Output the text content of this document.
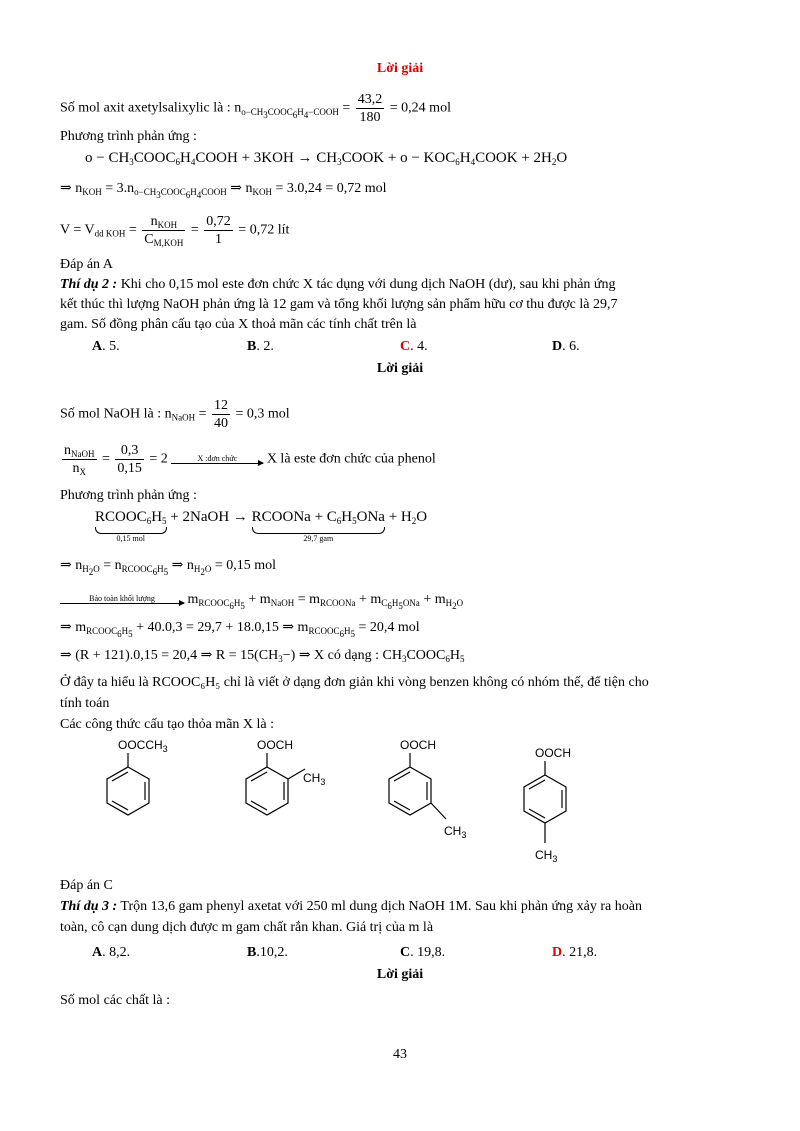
Lời giải
Số mol axit axetylsalixylic là : $n_{o-CH_3COOC_6H_4-COOH} = \frac{43,2}{180} = 0,24$ mol
Phương trình phản ứng :
$o - CH_3COOC_6H_4COOH + 3KOH$ → $CH_3COOK + o$ − $KOC_6H_4COOK + 2H_2O$
⇒ $n_{KOH} = 3.n_{o-CH_3COOC_6H_4COOH}$ ⇒ $n_{KOH} = 3.0,24 = 0,72$ mol
$V = V_{dd KOH} = \frac{n_{KOH}}{C_{M,KOH}} = \frac{0,72}{1} = 0,72$ lít
Đáp án A
Thí dụ 2 : Khi cho 0,15 mol este đơn chức X tác dụng với dung dịch NaOH (dư), sau khi phản ứng
kết thúc thì lượng NaOH phản ứng là 12 gam và tổng khối lượng sản phẩm hữu cơ thu được là 29,7
gam. Số đồng phân cấu tạo của X thoả mãn các tính chất trên là
A. 5.	B. 2.	C. 4.	D. 6.
Lời giải
Số mol NaOH là : $n_{NaOH} = \frac{12}{40} = 0,3$ mol
$\frac{n_{NaOH}}{n_X} = \frac{0,3}{0,15} = 2$	X :đơn chức	X là este đơn chức của phenol
Phương trình phản ứng :
$RCOOC_6H_5$
0,15 mol
+ 2NaOH → RCOONa + $C_6H_5ONa$
29,7 gam
+ $H_2O$
⇒ $n_{H_2O} = n_{RCOOC_6H_5}$ ⇒ $n_{H_2O} = 0,15$ mol
Bảo toàn khối lượng	$m_{RCOOC_6H_5} + m_{NaOH} = m_{RCOONa} + m_{C_6H_5ONa} + m_{H_2O}$
⇒ $m_{RCOOC_6H_5} + 40.0,3 = 29,7 + 18.0,15$ ⇒ $m_{RCOOC_6H_5} = 20,4$ mol
⇒ (R + 121).0,15 = 20,4 ⇒ $R = 15(CH_3-)$ ⇒ X có dạng : $CH_3COOC_6H_5$
Ở đây ta hiểu là RCOOC₆H₅ chỉ là viết ở dạng đơn giản khi vòng benzen không có nhóm thế, để tiện cho
tính toán
Các công thức cấu tạo thỏa mãn X là :
$OOCCH_3$	OOCH
$CH_3$
OOCH
$CH_3$
OOCH
$CH_3$
Đáp án C
Thí dụ 3 : Trộn 13,6 gam phenyl axetat với 250 ml dung dịch NaOH 1M. Sau khi phản ứng xảy ra hoàn
toàn, cô cạn dung dịch được m gam chất rắn khan. Giá trị của m là
A. 8,2.	B.10,2.	C. 19,8.	D. 21,8.
Lời giải
Số mol các chất là :
43
